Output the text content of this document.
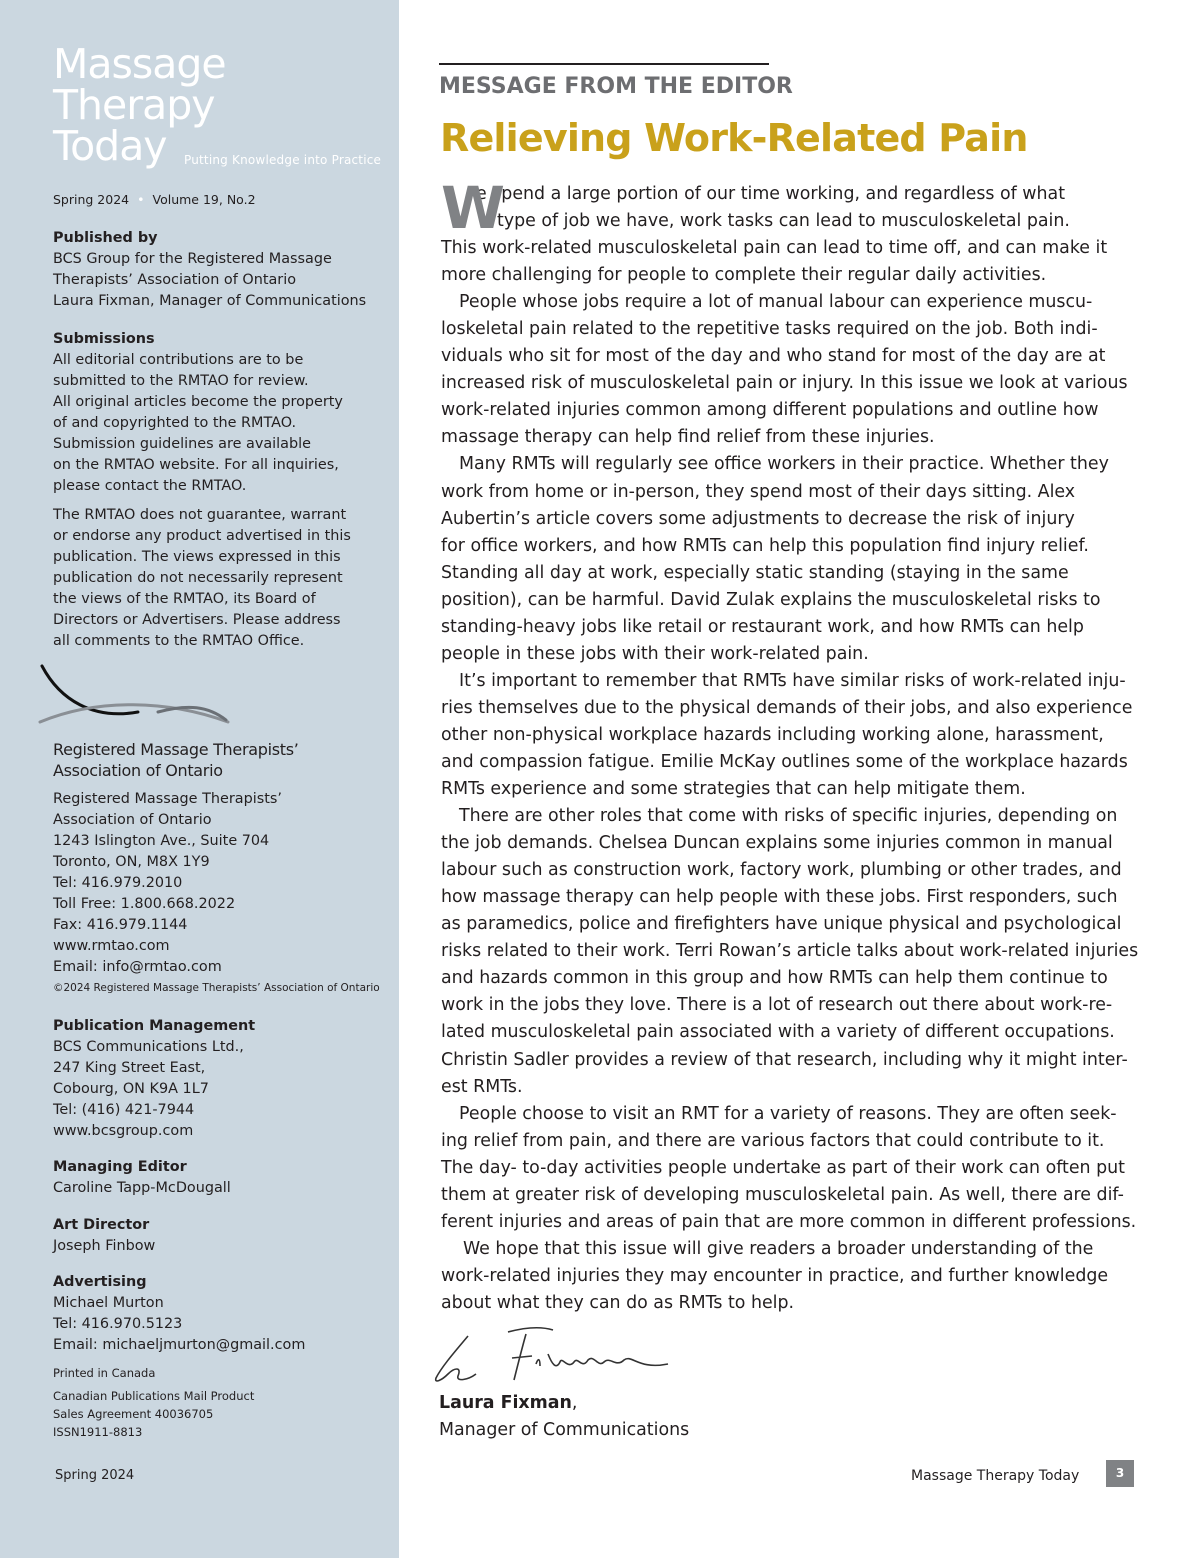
Massage
Therapy
Today	Putting Knowledge into Practice
Spring 2024 • Volume 19, No.2
Published by
BCS Group for the Registered Massage
Therapists’ Association of Ontario
Laura Fixman, Manager of Communications
Submissions
All editorial contributions are to be
submitted to the RMTAO for review.
All original articles become the property
of and copyrighted to the RMTAO.
Submission guidelines are available
on the RMTAO website. For all inquiries,
please contact the RMTAO.
The RMTAO does not guarantee, warrant
or endorse any product advertised in this
publication. The views expressed in this
publication do not necessarily represent
the views of the RMTAO, its Board of
Directors or Advertisers. Please address
all comments to the RMTAO Office.
Registered Massage Therapists’
Association of Ontario
Registered Massage Therapists’
Association of Ontario
1243 Islington Ave., Suite 704
Toronto, ON, M8X 1Y9
Tel: 416.979.2010
Toll Free: 1.800.668.2022
Fax: 416.979.1144
www.rmtao.com
Email: info@rmtao.com
©2024 Registered Massage Therapists’ Association of Ontario
Publication Management
BCS Communications Ltd.,
247 King Street East,
Cobourg, ON K9A 1L7
Tel: (416) 421-7944
www.bcsgroup.com
Managing Editor
Caroline Tapp-McDougall
Art Director
Joseph Finbow
Advertising
Michael Murton
Tel: 416.970.5123
Email: michaeljmurton@gmail.com
Printed in Canada
Canadian Publications Mail Product
Sales Agreement 40036705
ISSN1911-8813
Spring 2024
MESSAGE FROM THE EDITOR
Relieving Work-Related Pain
W
e spend a large portion of our time working, and regardless of what
type of job we have, work tasks can lead to musculoskeletal pain.
This work-related musculoskeletal pain can lead to time off, and can make it
more challenging for people to complete their regular daily activities.
People whose jobs require a lot of manual labour can experience muscu-
loskeletal pain related to the repetitive tasks required on the job. Both indi-
viduals who sit for most of the day and who stand for most of the day are at
increased risk of musculoskeletal pain or injury. In this issue we look at various
work-related injuries common among different populations and outline how
massage therapy can help find relief from these injuries.
Many RMTs will regularly see office workers in their practice. Whether they
work from home or in-person, they spend most of their days sitting. Alex
Aubertin’s article covers some adjustments to decrease the risk of injury
for office workers, and how RMTs can help this population find injury relief.
Standing all day at work, especially static standing (staying in the same
position), can be harmful. David Zulak explains the musculoskeletal risks to
standing-heavy jobs like retail or restaurant work, and how RMTs can help
people in these jobs with their work-related pain.
It’s important to remember that RMTs have similar risks of work-related inju-
ries themselves due to the physical demands of their jobs, and also experience
other non-physical workplace hazards including working alone, harassment,
and compassion fatigue. Emilie McKay outlines some of the workplace hazards
RMTs experience and some strategies that can help mitigate them.
There are other roles that come with risks of specific injuries, depending on
the job demands. Chelsea Duncan explains some injuries common in manual
labour such as construction work, factory work, plumbing or other trades, and
how massage therapy can help people with these jobs. First responders, such
as paramedics, police and firefighters have unique physical and psychological
risks related to their work. Terri Rowan’s article talks about work-related injuries
and hazards common in this group and how RMTs can help them continue to
work in the jobs they love. There is a lot of research out there about work-re-
lated musculoskeletal pain associated with a variety of different occupations.
Christin Sadler provides a review of that research, including why it might inter-
est RMTs.
People choose to visit an RMT for a variety of reasons. They are often seek-
ing relief from pain, and there are various factors that could contribute to it.
The day- to-day activities people undertake as part of their work can often put
them at greater risk of developing musculoskeletal pain. As well, there are dif-
ferent injuries and areas of pain that are more common in different professions.
We hope that this issue will give readers a broader understanding of the
work-related injuries they may encounter in practice, and further knowledge
about what they can do as RMTs to help.
Laura Fixman,
Manager of Communications
Massage Therapy Today	3
